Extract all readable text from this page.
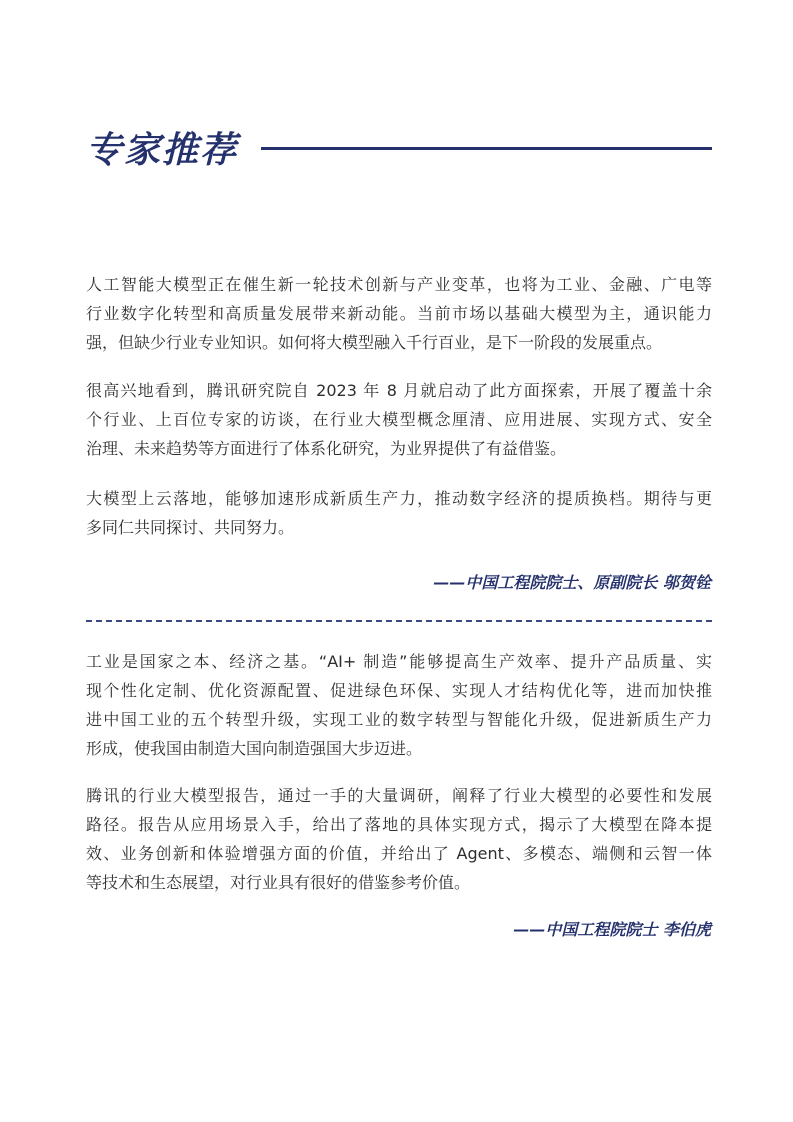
专家推荐

人工智能大模型正在催生新一轮技术创新与产业变革，也将为工业、金融、广电等
行业数字化转型和高质量发展带来新动能。当前市场以基础大模型为主，通识能力
强，但缺少行业专业知识。如何将大模型融入千行百业，是下一阶段的发展重点。

很高兴地看到，腾讯研究院自 2023 年 8 月就启动了此方面探索，开展了覆盖十余
个行业、上百位专家的访谈，在行业大模型概念厘清、应用进展、实现方式、安全
治理、未来趋势等方面进行了体系化研究，为业界提供了有益借鉴。

大模型上云落地，能够加速形成新质生产力，推动数字经济的提质换档。期待与更
多同仁共同探讨、共同努力。

——中国工程院院士、原副院长 邬贺铨

工业是国家之本、经济之基。“AI+ 制造”能够提高生产效率、提升产品质量、实
现个性化定制、优化资源配置、促进绿色环保、实现人才结构优化等，进而加快推
进中国工业的五个转型升级，实现工业的数字转型与智能化升级，促进新质生产力
形成，使我国由制造大国向制造强国大步迈进。

腾讯的行业大模型报告，通过一手的大量调研，阐释了行业大模型的必要性和发展
路径。报告从应用场景入手，给出了落地的具体实现方式，揭示了大模型在降本提
效、业务创新和体验增强方面的价值，并给出了 Agent、多模态、端侧和云智一体
等技术和生态展望，对行业具有很好的借鉴参考价值。

——中国工程院院士 李伯虎
